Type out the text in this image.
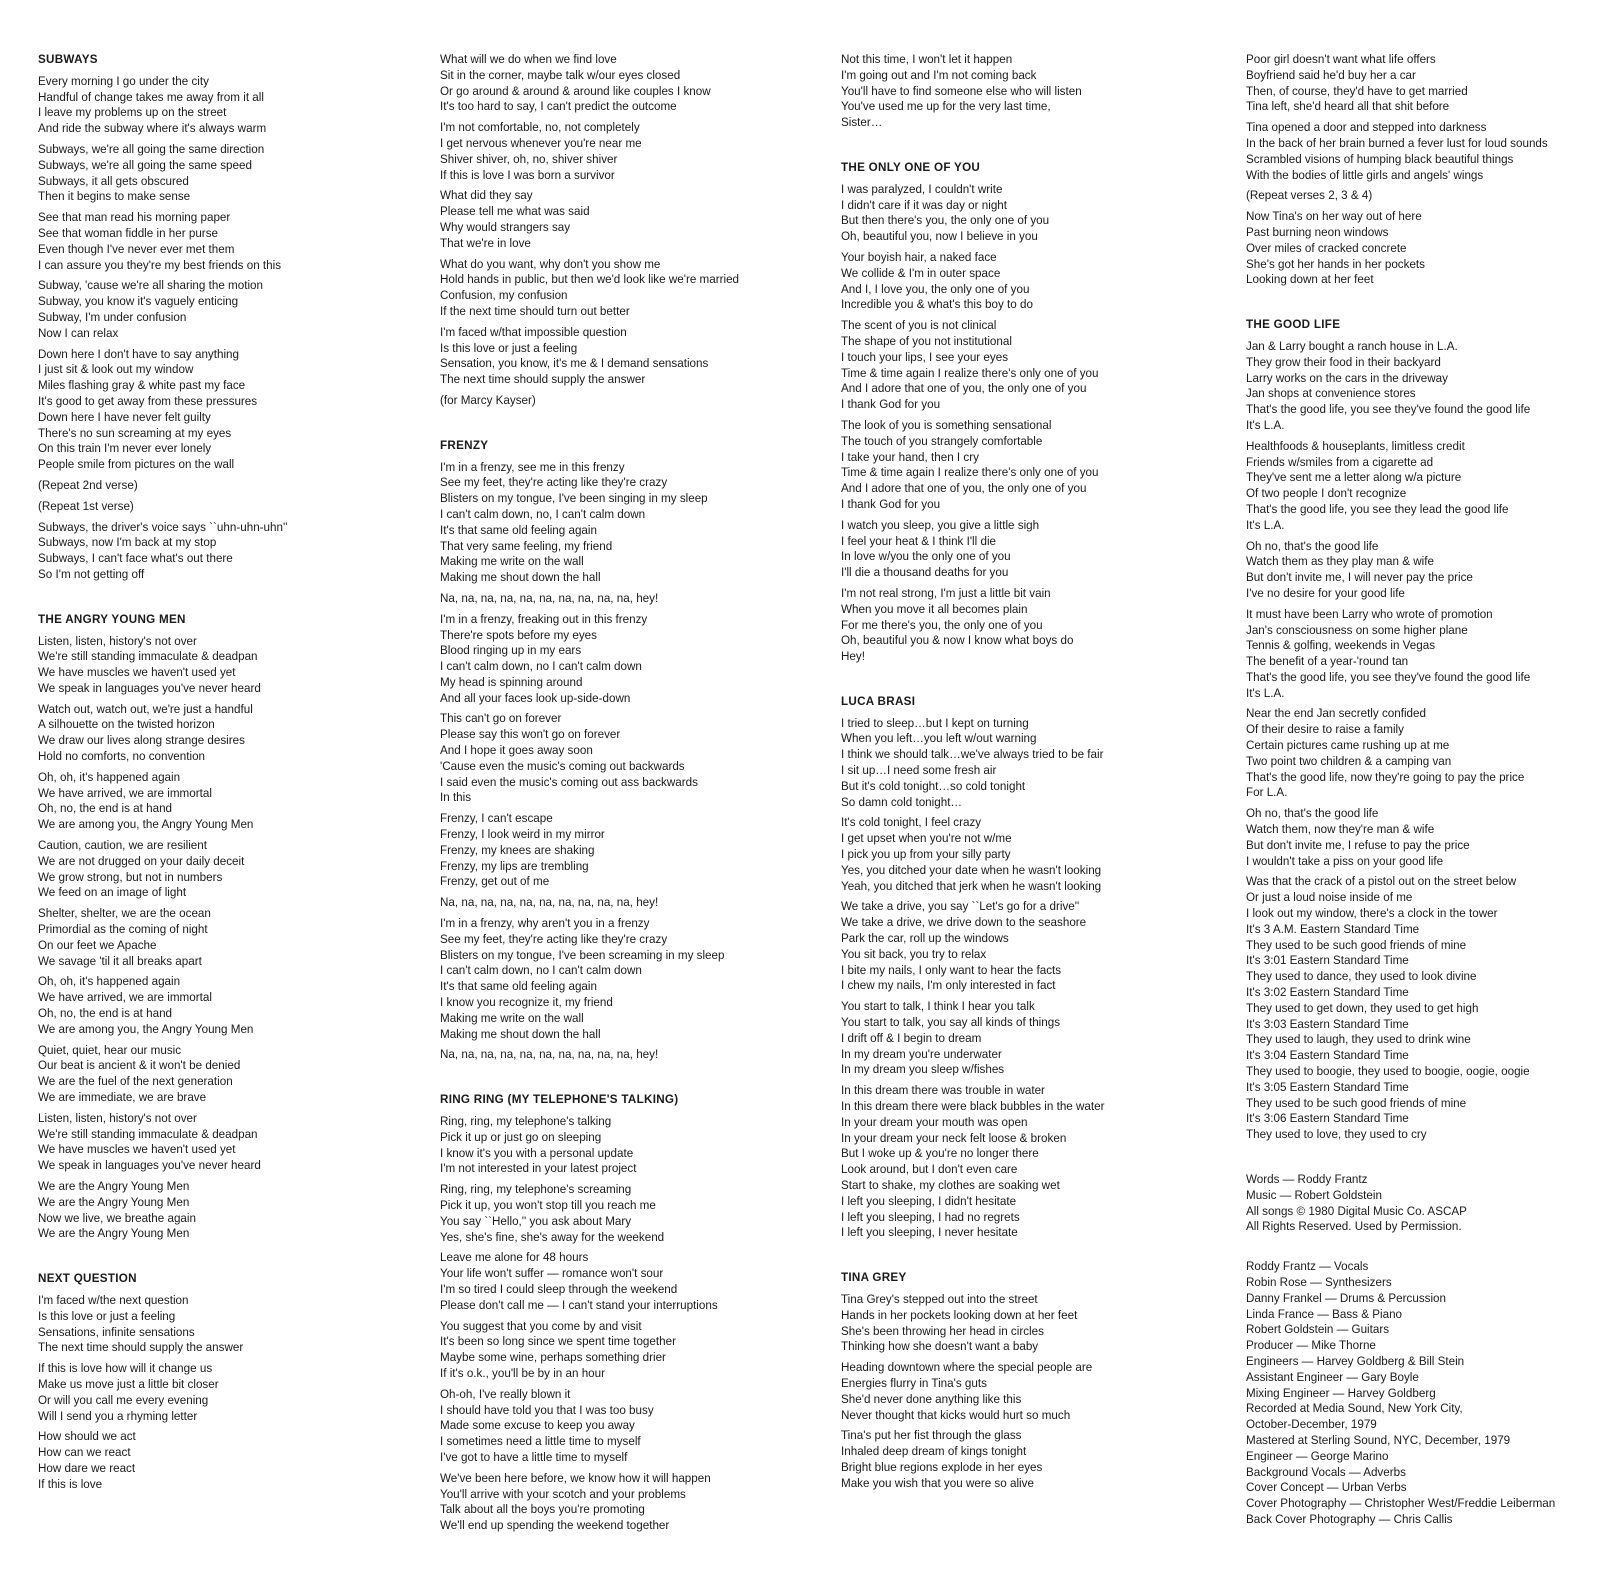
SUBWAYS
Every morning I go under the city
Handful of change takes me away from it all
I leave my problems up on the street
And ride the subway where it's always warm
Subways, we're all going the same direction
Subways, we're all going the same speed
Subways, it all gets obscured
Then it begins to make sense
See that man read his morning paper
See that woman fiddle in her purse
Even though I've never ever met them
I can assure you they're my best friends on this
Subway, 'cause we're all sharing the motion
Subway, you know it's vaguely enticing
Subway, I'm under confusion
Now I can relax
Down here I don't have to say anything
I just sit & look out my window
Miles flashing gray & white past my face
It's good to get away from these pressures
Down here I have never felt guilty
There's no sun screaming at my eyes
On this train I'm never ever lonely
People smile from pictures on the wall
(Repeat 2nd verse)
(Repeat 1st verse)
Subways, the driver's voice says ``uhn-uhn-uhn''
Subways, now I'm back at my stop
Subways, I can't face what's out there
So I'm not getting off
THE ANGRY YOUNG MEN
Listen, listen, history's not over
We're still standing immaculate & deadpan
We have muscles we haven't used yet
We speak in languages you've never heard
Watch out, watch out, we're just a handful
A silhouette on the twisted horizon
We draw our lives along strange desires
Hold no comforts, no convention
Oh, oh, it's happened again
We have arrived, we are immortal
Oh, no, the end is at hand
We are among you, the Angry Young Men
Caution, caution, we are resilient
We are not drugged on your daily deceit
We grow strong, but not in numbers
We feed on an image of light
Shelter, shelter, we are the ocean
Primordial as the coming of night
On our feet we Apache
We savage 'til it all breaks apart
Oh, oh, it's happened again
We have arrived, we are immortal
Oh, no, the end is at hand
We are among you, the Angry Young Men
Quiet, quiet, hear our music
Our beat is ancient & it won't be denied
We are the fuel of the next generation
We are immediate, we are brave
Listen, listen, history's not over
We're still standing immaculate & deadpan
We have muscles we haven't used yet
We speak in languages you've never heard
We are the Angry Young Men
We are the Angry Young Men
Now we live, we breathe again
We are the Angry Young Men
NEXT QUESTION
I'm faced w/the next question
Is this love or just a feeling
Sensations, infinite sensations
The next time should supply the answer
If this is love how will it change us
Make us move just a little bit closer
Or will you call me every evening
Will I send you a rhyming letter
How should we act
How can we react
How dare we react
If this is love
What will we do when we find love
Sit in the corner, maybe talk w/our eyes closed
Or go around & around & around like couples I know
It's too hard to say, I can't predict the outcome
I'm not comfortable, no, not completely
I get nervous whenever you're near me
Shiver shiver, oh, no, shiver shiver
If this is love I was born a survivor
What did they say
Please tell me what was said
Why would strangers say
That we're in love
What do you want, why don't you show me
Hold hands in public, but then we'd look like we're married
Confusion, my confusion
If the next time should turn out better
I'm faced w/that impossible question
Is this love or just a feeling
Sensation, you know, it's me & I demand sensations
The next time should supply the answer
(for Marcy Kayser)
FRENZY
I'm in a frenzy, see me in this frenzy
See my feet, they're acting like they're crazy
Blisters on my tongue, I've been singing in my sleep
I can't calm down, no, I can't calm down
It's that same old feeling again
That very same feeling, my friend
Making me write on the wall
Making me shout down the hall
Na, na, na, na, na, na, na, na, na, na, hey!
I'm in a frenzy, freaking out in this frenzy
There're spots before my eyes
Blood ringing up in my ears
I can't calm down, no I can't calm down
My head is spinning around
And all your faces look up-side-down
This can't go on forever
Please say this won't go on forever
And I hope it goes away soon
'Cause even the music's coming out backwards
I said even the music's coming out ass backwards
In this
Frenzy, I can't escape
Frenzy, I look weird in my mirror
Frenzy, my knees are shaking
Frenzy, my lips are trembling
Frenzy, get out of me
Na, na, na, na, na, na, na, na, na, na, hey!
I'm in a frenzy, why aren't you in a frenzy
See my feet, they're acting like they're crazy
Blisters on my tongue, I've been screaming in my sleep
I can't calm down, no I can't calm down
It's that same old feeling again
I know you recognize it, my friend
Making me write on the wall
Making me shout down the hall
Na, na, na, na, na, na, na, na, na, na, hey!
RING RING (MY TELEPHONE'S TALKING)
Ring, ring, my telephone's talking
Pick it up or just go on sleeping
I know it's you with a personal update
I'm not interested in your latest project
Ring, ring, my telephone's screaming
Pick it up, you won't stop till you reach me
You say ``Hello,'' you ask about Mary
Yes, she's fine, she's away for the weekend
Leave me alone for 48 hours
Your life won't suffer — romance won't sour
I'm so tired I could sleep through the weekend
Please don't call me — I can't stand your interruptions
You suggest that you come by and visit
It's been so long since we spent time together
Maybe some wine, perhaps something drier
If it's o.k., you'll be by in an hour
Oh-oh, I've really blown it
I should have told you that I was too busy
Made some excuse to keep you away
I sometimes need a little time to myself
I've got to have a little time to myself
We've been here before, we know how it will happen
You'll arrive with your scotch and your problems
Talk about all the boys you're promoting
We'll end up spending the weekend together
Not this time, I won't let it happen
I'm going out and I'm not coming back
You'll have to find someone else who will listen
You've used me up for the very last time,
Sister…
THE ONLY ONE OF YOU
I was paralyzed, I couldn't write
I didn't care if it was day or night
But then there's you, the only one of you
Oh, beautiful you, now I believe in you
Your boyish hair, a naked face
We collide & I'm in outer space
And I, I love you, the only one of you
Incredible you & what's this boy to do
The scent of you is not clinical
The shape of you not institutional
I touch your lips, I see your eyes
Time & time again I realize there's only one of you
And I adore that one of you, the only one of you
I thank God for you
The look of you is something sensational
The touch of you strangely comfortable
I take your hand, then I cry
Time & time again I realize there's only one of you
And I adore that one of you, the only one of you
I thank God for you
I watch you sleep, you give a little sigh
I feel your heat & I think I'll die
In love w/you the only one of you
I'll die a thousand deaths for you
I'm not real strong, I'm just a little bit vain
When you move it all becomes plain
For me there's you, the only one of you
Oh, beautiful you & now I know what boys do
Hey!
LUCA BRASI
I tried to sleep…but I kept on turning
When you left…you left w/out warning
I think we should talk…we've always tried to be fair
I sit up…I need some fresh air
But it's cold tonight…so cold tonight
So damn cold tonight…
It's cold tonight, I feel crazy
I get upset when you're not w/me
I pick you up from your silly party
Yes, you ditched your date when he wasn't looking
Yeah, you ditched that jerk when he wasn't looking
We take a drive, you say ``Let's go for a drive''
We take a drive, we drive down to the seashore
Park the car, roll up the windows
You sit back, you try to relax
I bite my nails, I only want to hear the facts
I chew my nails, I'm only interested in fact
You start to talk, I think I hear you talk
You start to talk, you say all kinds of things
I drift off & I begin to dream
In my dream you're underwater
In my dream you sleep w/fishes
In this dream there was trouble in water
In this dream there were black bubbles in the water
In your dream your mouth was open
In your dream your neck felt loose & broken
But I woke up & you're no longer there
Look around, but I don't even care
Start to shake, my clothes are soaking wet
I left you sleeping, I didn't hesitate
I left you sleeping, I had no regrets
I left you sleeping, I never hesitate
TINA GREY
Tina Grey's stepped out into the street
Hands in her pockets looking down at her feet
She's been throwing her head in circles
Thinking how she doesn't want a baby
Heading downtown where the special people are
Energies flurry in Tina's guts
She'd never done anything like this
Never thought that kicks would hurt so much
Tina's put her fist through the glass
Inhaled deep dream of kings tonight
Bright blue regions explode in her eyes
Make you wish that you were so alive
Poor girl doesn't want what life offers
Boyfriend said he'd buy her a car
Then, of course, they'd have to get married
Tina left, she'd heard all that shit before
Tina opened a door and stepped into darkness
In the back of her brain burned a fever lust for loud sounds
Scrambled visions of humping black beautiful things
With the bodies of little girls and angels' wings
(Repeat verses 2, 3 & 4)
Now Tina's on her way out of here
Past burning neon windows
Over miles of cracked concrete
She's got her hands in her pockets
Looking down at her feet
THE GOOD LIFE
Jan & Larry bought a ranch house in L.A.
They grow their food in their backyard
Larry works on the cars in the driveway
Jan shops at convenience stores
That's the good life, you see they've found the good life
It's L.A.
Healthfoods & houseplants, limitless credit
Friends w/smiles from a cigarette ad
They've sent me a letter along w/a picture
Of two people I don't recognize
That's the good life, you see they lead the good life
It's L.A.
Oh no, that's the good life
Watch them as they play man & wife
But don't invite me, I will never pay the price
I've no desire for your good life
It must have been Larry who wrote of promotion
Jan's consciousness on some higher plane
Tennis & golfing, weekends in Vegas
The benefit of a year-'round tan
That's the good life, you see they've found the good life
It's L.A.
Near the end Jan secretly confided
Of their desire to raise a family
Certain pictures came rushing up at me
Two point two children & a camping van
That's the good life, now they're going to pay the price
For L.A.
Oh no, that's the good life
Watch them, now they're man & wife
But don't invite me, I refuse to pay the price
I wouldn't take a piss on your good life
Was that the crack of a pistol out on the street below
Or just a loud noise inside of me
I look out my window, there's a clock in the tower
It's 3 A.M. Eastern Standard Time
They used to be such good friends of mine
It's 3:01 Eastern Standard Time
They used to dance, they used to look divine
It's 3:02 Eastern Standard Time
They used to get down, they used to get high
It's 3:03 Eastern Standard Time
They used to laugh, they used to drink wine
It's 3:04 Eastern Standard Time
They used to boogie, they used to boogie, oogie, oogie
It's 3:05 Eastern Standard Time
They used to be such good friends of mine
It's 3:06 Eastern Standard Time
They used to love, they used to cry
Words — Roddy Frantz
Music — Robert Goldstein
All songs © 1980 Digital Music Co. ASCAP
All Rights Reserved. Used by Permission.
Roddy Frantz — Vocals
Robin Rose — Synthesizers
Danny Frankel — Drums & Percussion
Linda France — Bass & Piano
Robert Goldstein — Guitars
Producer — Mike Thorne
Engineers — Harvey Goldberg & Bill Stein
Assistant Engineer — Gary Boyle
Mixing Engineer — Harvey Goldberg
Recorded at Media Sound, New York City,
October-December, 1979
Mastered at Sterling Sound, NYC, December, 1979
Engineer — George Marino
Background Vocals — Adverbs
Cover Concept — Urban Verbs
Cover Photography — Christopher West/Freddie Leiberman
Back Cover Photography — Chris Callis
